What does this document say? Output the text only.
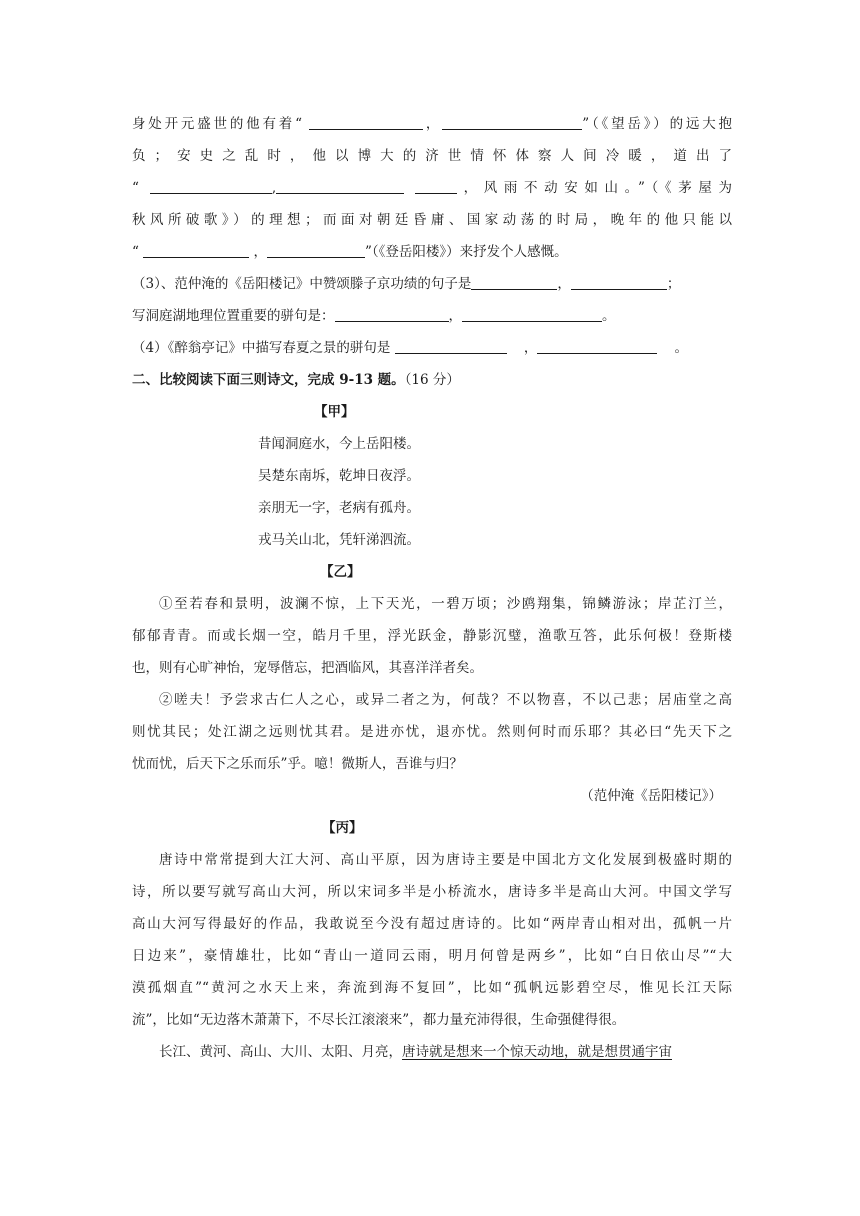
身处开元盛世的他有着“	，	”（《望岳》）的远大抱
负；安史之乱时，他以博大的济世情怀体察人间冷暖，道出了
“	,	，风雨不动安如山。”（《茅屋为
秋风所破歌》）的理想；而面对朝廷昏庸、国家动荡的时局，晚年的他只能以
“	，	”（《登岳阳楼》）来抒发个人感慨。
（3）、范仲淹的《岳阳楼记》中赞颂滕子京功绩的句子是	，	；
写洞庭湖地理位置重要的骈句是：	，	。
（4）《醉翁亭记》中描写春夏之景的骈句是	，	。
二、比较阅读下面三则诗文，完成 9-13 题。（16 分）
【甲】
昔闻洞庭水，今上岳阳楼。
吴楚东南坼，乾坤日夜浮。
亲朋无一字，老病有孤舟。
戎马关山北，凭轩涕泗流。
【乙】
①至若春和景明，波澜不惊，上下天光，一碧万顷；沙鸥翔集，锦鳞游泳；岸芷汀兰，
郁郁青青。而或长烟一空，皓月千里，浮光跃金，静影沉璧，渔歌互答，此乐何极！登斯楼
也，则有心旷神怡，宠辱偕忘，把酒临风，其喜洋洋者矣。
②嗟夫！予尝求古仁人之心，或异二者之为，何哉？不以物喜，不以己悲；居庙堂之高
则忧其民；处江湖之远则忧其君。是进亦忧，退亦忧。然则何时而乐耶？其必曰“先天下之
忧而忧，后天下之乐而乐”乎。噫！微斯人，吾谁与归？
（范仲淹《岳阳楼记》）
【丙】
唐诗中常常提到大江大河、高山平原，因为唐诗主要是中国北方文化发展到极盛时期的
诗，所以要写就写高山大河，所以宋词多半是小桥流水，唐诗多半是高山大河。中国文学写
高山大河写得最好的作品，我敢说至今没有超过唐诗的。比如“两岸青山相对出，孤帆一片
日边来”，豪情雄壮，比如“青山一道同云雨，明月何曾是两乡”，比如“白日依山尽”“大
漠孤烟直”“黄河之水天上来，奔流到海不复回”，比如“孤帆远影碧空尽，惟见长江天际
流”，比如“无边落木萧萧下，不尽长江滚滚来”，都力量充沛得很，生命强健得很。
长江、黄河、高山、大川、太阳、月亮，唐诗就是想来一个惊天动地，就是想贯通宇宙
